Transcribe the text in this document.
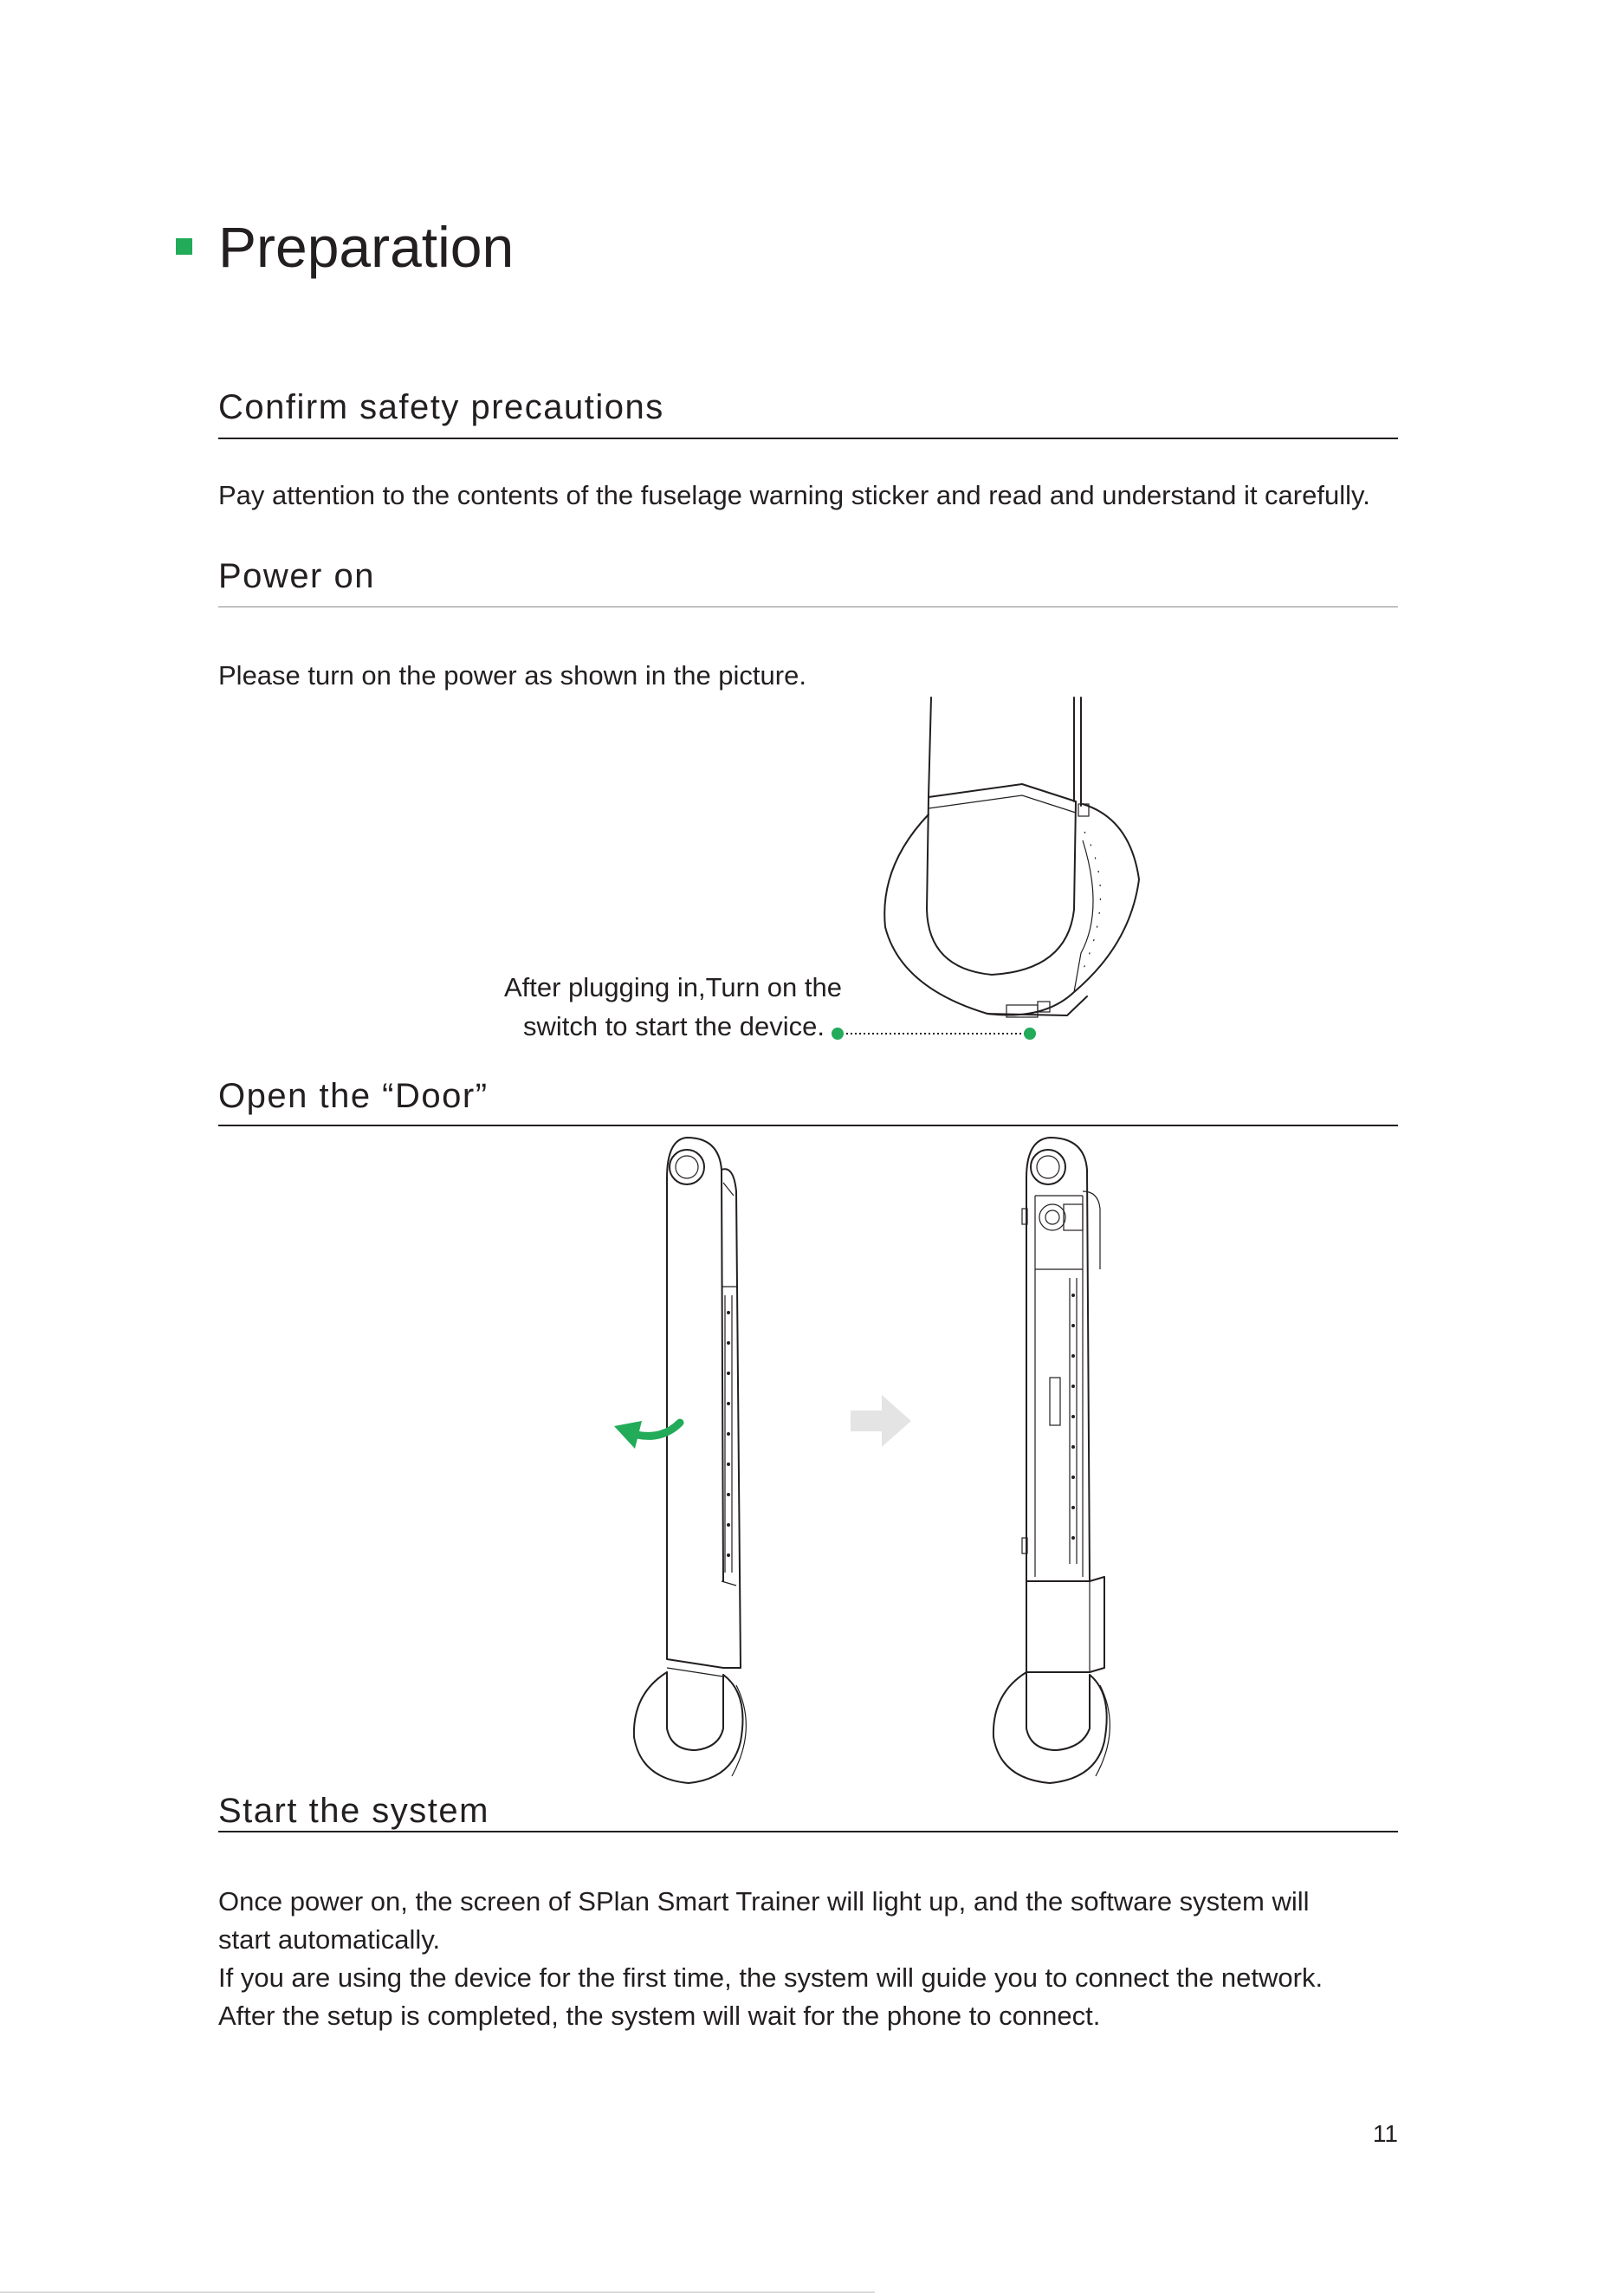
Preparation
Confirm safety precautions
Pay attention to the contents of the fuselage warning sticker and read and understand it carefully.
Power on
Please turn on the power as shown in the picture.
After plugging in,Turn on the
switch to start the device.
Open the “Door”
Start the system
Once power on, the screen of SPlan Smart Trainer will light up, and the software system will
start automatically.
If you are using the device for the first time, the system will guide you to connect the network.
After the setup is completed, the system will wait for the phone to connect.
11
